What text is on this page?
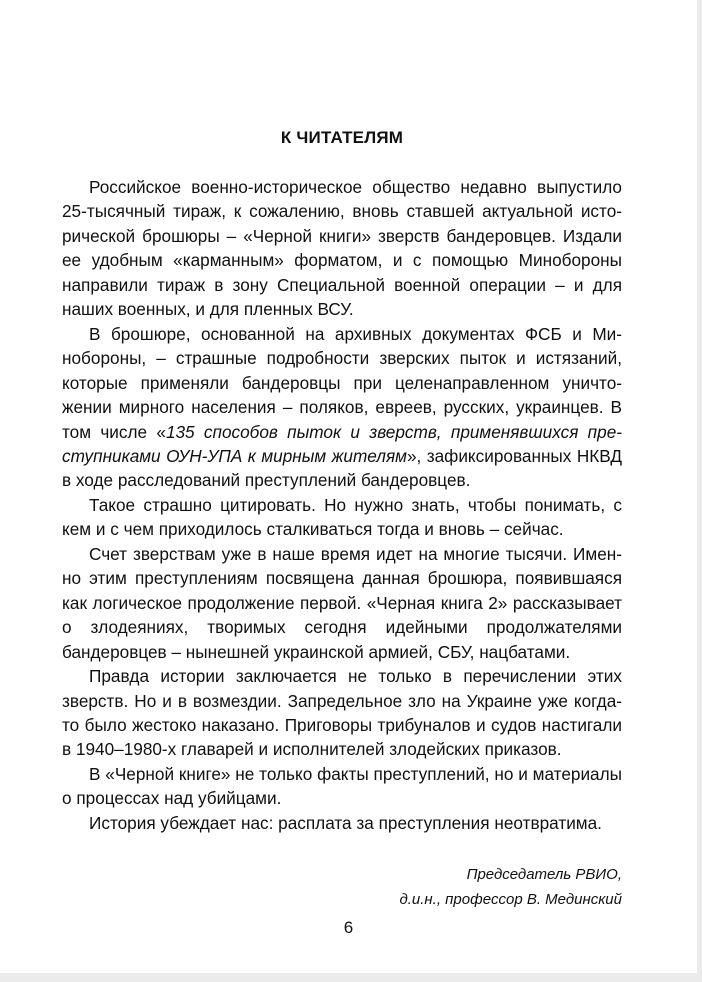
К ЧИТАТЕЛЯМ

Российское военно-историческое общество недавно выпустило 25-тысячный тираж, к сожалению, вновь ставшей актуальной исторической брошюры – «Черной книги» зверств бандеровцев. Издали ее удобным «карманным» форматом, и с помощью Минобороны направили тираж в зону Специальной военной операции – и для наших военных, и для пленных ВСУ.

В брошюре, основанной на архивных документах ФСБ и Минобороны, – страшные подробности зверских пыток и истязаний, которые применяли бандеровцы при целенаправленном уничтожении мирного населения – поляков, евреев, русских, украинцев. В том числе «135 способов пыток и зверств, применявшихся преступниками ОУН-УПА к мирным жителям», зафиксированных НКВД в ходе расследований преступлений бандеровцев.

Такое страшно цитировать. Но нужно знать, чтобы понимать, с кем и с чем приходилось сталкиваться тогда и вновь – сейчас.

Счет зверствам уже в наше время идет на многие тысячи. Именно этим преступлениям посвящена данная брошюра, появившаяся как логическое продолжение первой. «Черная книга 2» рассказывает о злодеяниях, творимых сегодня идейными продолжателями бандеровцев – нынешней украинской армией, СБУ, нацбатами.

Правда истории заключается не только в перечислении этих зверств. Но и в возмездии. Запредельное зло на Украине уже когда-то было жестоко наказано. Приговоры трибуналов и судов настигали в 1940–1980-х главарей и исполнителей злодейских приказов.

В «Черной книге» не только факты преступлений, но и материалы о процессах над убийцами.

История убеждает нас: расплата за преступления неотвратима.

Председатель РВИО,
д.и.н., профессор В. Мединский
6
